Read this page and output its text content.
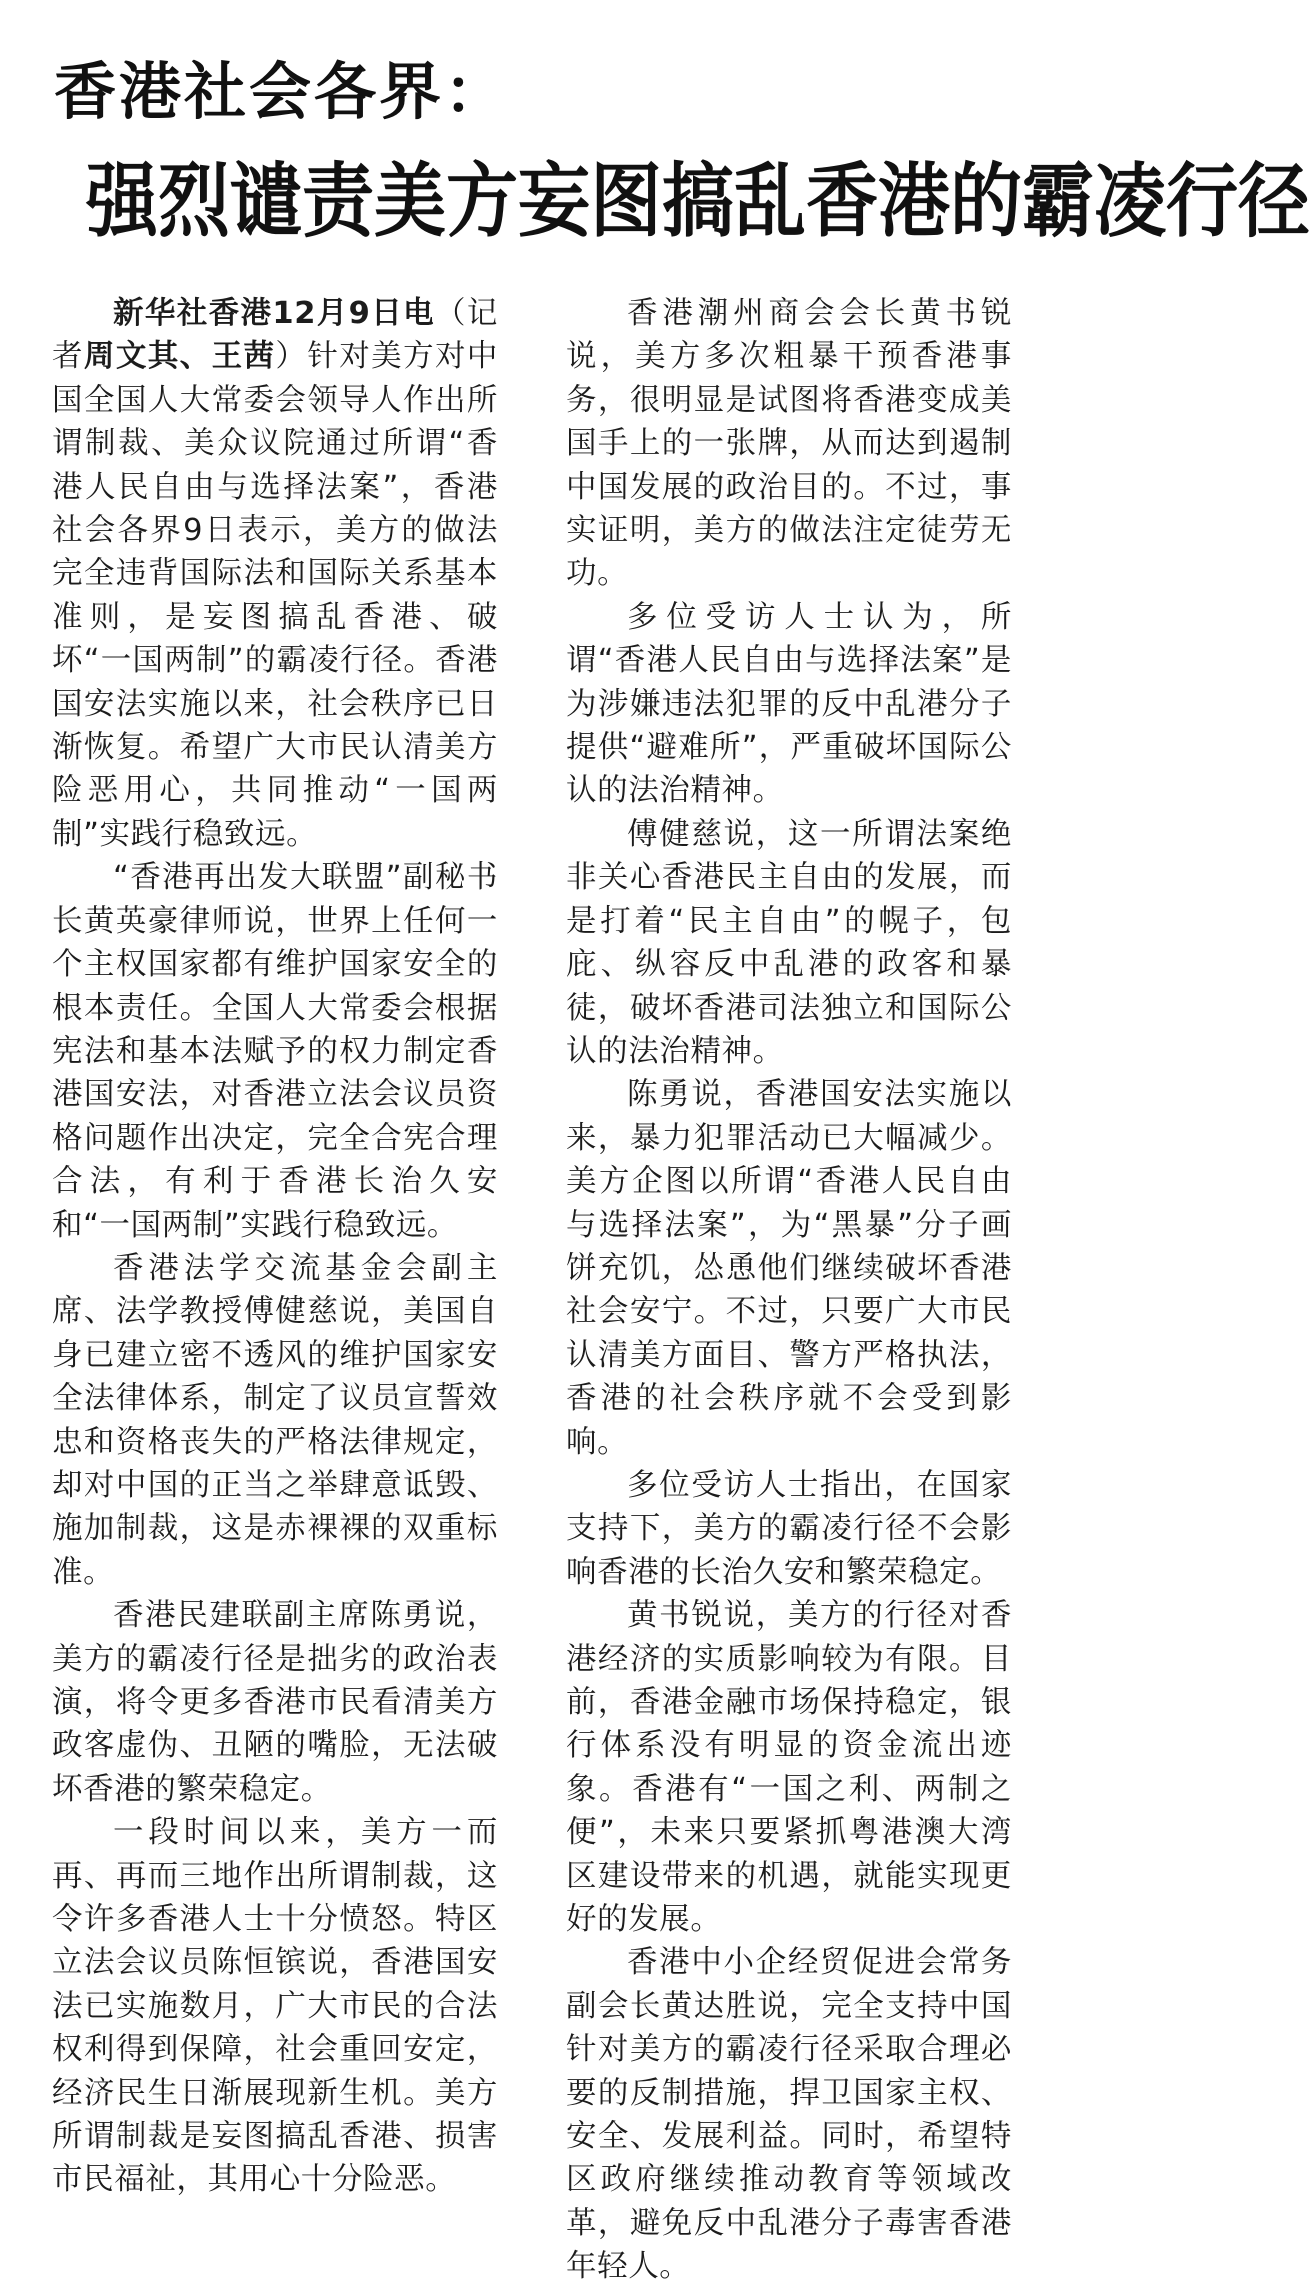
香港社会各界：
强烈谴责美方妄图搞乱香港的霸凌行径

新华社香港12月9日电（记者周文其、王茜）针对美方对中国全国人大常委会领导人作出所谓制裁、美众议院通过所谓“香港人民自由与选择法案”，香港社会各界9日表示，美方的做法完全违背国际法和国际关系基本准则，是妄图搞乱香港、破坏“一国两制”的霸凌行径。香港国安法实施以来，社会秩序已日渐恢复。希望广大市民认清美方险恶用心，共同推动“一国两制”实践行稳致远。

“香港再出发大联盟”副秘书长黄英豪律师说，世界上任何一个主权国家都有维护国家安全的根本责任。全国人大常委会根据宪法和基本法赋予的权力制定香港国安法，对香港立法会议员资格问题作出决定，完全合宪合理合法，有利于香港长治久安和“一国两制”实践行稳致远。

香港法学交流基金会副主席、法学教授傅健慈说，美国自身已建立密不透风的维护国家安全法律体系，制定了议员宣誓效忠和资格丧失的严格法律规定，却对中国的正当之举肆意诋毁、施加制裁，这是赤裸裸的双重标准。

香港民建联副主席陈勇说，美方的霸凌行径是拙劣的政治表演，将令更多香港市民看清美方政客虚伪、丑陋的嘴脸，无法破坏香港的繁荣稳定。

一段时间以来，美方一而再、再而三地作出所谓制裁，这令许多香港人士十分愤怒。特区立法会议员陈恒镔说，香港国安法已实施数月，广大市民的合法权利得到保障，社会重回安定，经济民生日渐展现新生机。美方所谓制裁是妄图搞乱香港、损害市民福祉，其用心十分险恶。

香港潮州商会会长黄书锐说，美方多次粗暴干预香港事务，很明显是试图将香港变成美国手上的一张牌，从而达到遏制中国发展的政治目的。不过，事实证明，美方的做法注定徒劳无功。

多位受访人士认为，所谓“香港人民自由与选择法案”是为涉嫌违法犯罪的反中乱港分子提供“避难所”，严重破坏国际公认的法治精神。

傅健慈说，这一所谓法案绝非关心香港民主自由的发展，而是打着“民主自由”的幌子，包庇、纵容反中乱港的政客和暴徒，破坏香港司法独立和国际公认的法治精神。

陈勇说，香港国安法实施以来，暴力犯罪活动已大幅减少。美方企图以所谓“香港人民自由与选择法案”，为“黑暴”分子画饼充饥，怂恿他们继续破坏香港社会安宁。不过，只要广大市民认清美方面目、警方严格执法，香港的社会秩序就不会受到影响。

多位受访人士指出，在国家支持下，美方的霸凌行径不会影响香港的长治久安和繁荣稳定。

黄书锐说，美方的行径对香港经济的实质影响较为有限。目前，香港金融市场保持稳定，银行体系没有明显的资金流出迹象。香港有“一国之利、两制之便”，未来只要紧抓粤港澳大湾区建设带来的机遇，就能实现更好的发展。

香港中小企经贸促进会常务副会长黄达胜说，完全支持中国针对美方的霸凌行径采取合理必要的反制措施，捍卫国家主权、安全、发展利益。同时，希望特区政府继续推动教育等领域改革，避免反中乱港分子毒害香港年轻人。
